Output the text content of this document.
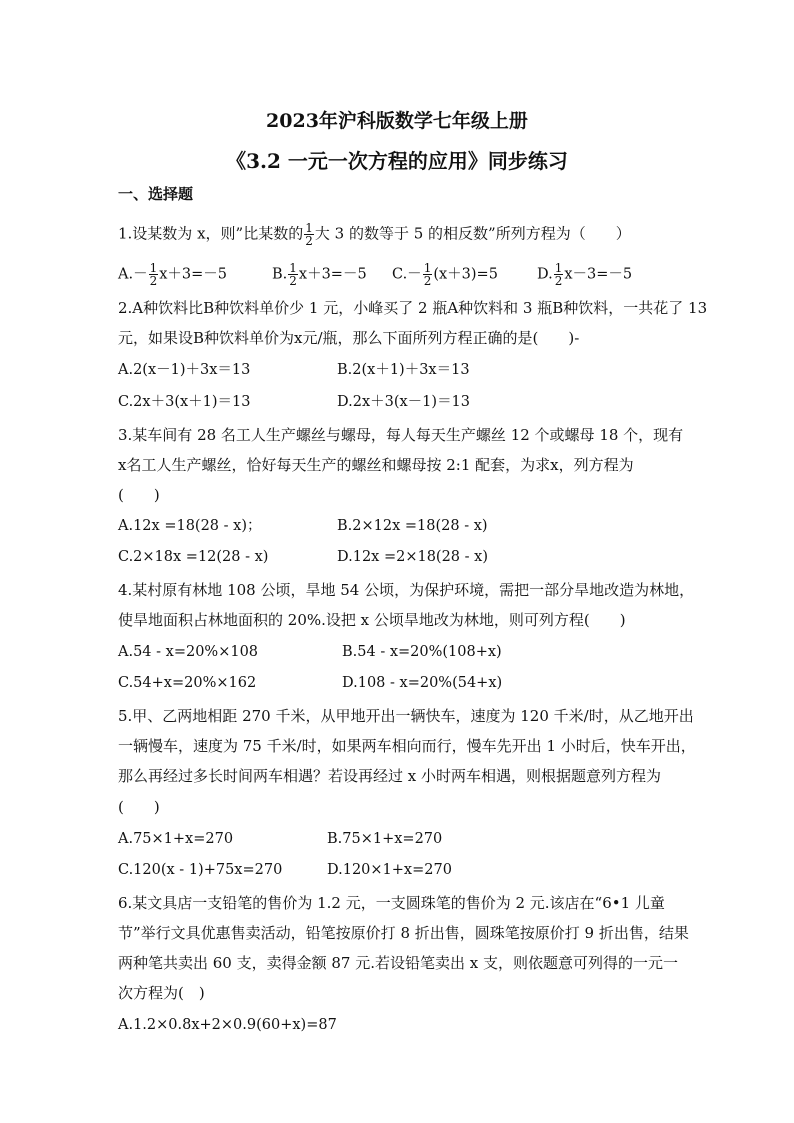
2023年沪科版数学七年级上册
《3.2 一元一次方程的应用》同步练习
一、选择题
1.设某数为 x，则”比某数的 $\frac{1}{2}$ 大 3 的数等于 5 的相反数”所列方程为（　　）
$A.- \frac{1}{2} x+3=-5$	B. $\frac{1}{2} x+3=-5$ $C.- \frac{1}{2} (x+3)=5$	D. $\frac{1}{2} x-3=-5$
2.A种饮料比B种饮料单价少 1 元，小峰买了 2 瓶A种饮料和 3 瓶B种饮料，一共花了 13
元，如果设B种饮料单价为x元/瓶，那么下面所列方程正确的是(　　)-
A.2(x－1)＋3x＝13	B.2(x＋1)＋3x＝13
C.2x＋3(x＋1)＝13	D.2x＋3(x－1)＝13
3.某车间有 28 名工人生产螺丝与螺母，每人每天生产螺丝 12 个或螺母 18 个，现有
x名工人生产螺丝，恰好每天生产的螺丝和螺母按 2:1 配套，为求x，列方程为
(　　)
A.12x =18(28 - x)；	B.2×12x =18(28 - x)
C.2×18x =12(28 - x)	D.12x =2×18(28 - x)
4.某村原有林地 108 公顷，旱地 54 公顷，为保护环境，需把一部分旱地改造为林地，
使旱地面积占林地面积的 20%.设把 x 公顷旱地改为林地，则可列方程(　　)
A.54 - x=20%×108	B.54 - x=20%(108+x)
C.54+x=20%×162	D.108 - x=20%(54+x)
5.甲、乙两地相距 270 千米，从甲地开出一辆快车，速度为 120 千米/时，从乙地开出
一辆慢车，速度为 75 千米/时，如果两车相向而行，慢车先开出 1 小时后，快车开出，
那么再经过多长时间两车相遇？若设再经过 x 小时两车相遇，则根据题意列方程为
(　　)
A.75×1+x=270	B.75×1+x=270
C.120(x - 1)+75x=270	D.120×1+x=270
6.某文具店一支铅笔的售价为 1.2 元，一支圆珠笔的售价为 2 元.该店在“6•1 儿童
节”举行文具优惠售卖活动，铅笔按原价打 8 折出售，圆珠笔按原价打 9 折出售，结果
两种笔共卖出 60 支，卖得金额 87 元.若设铅笔卖出 x 支，则依题意可列得的一元一
次方程为(　)
A.1.2×0.8x+2×0.9(60+x)=87
